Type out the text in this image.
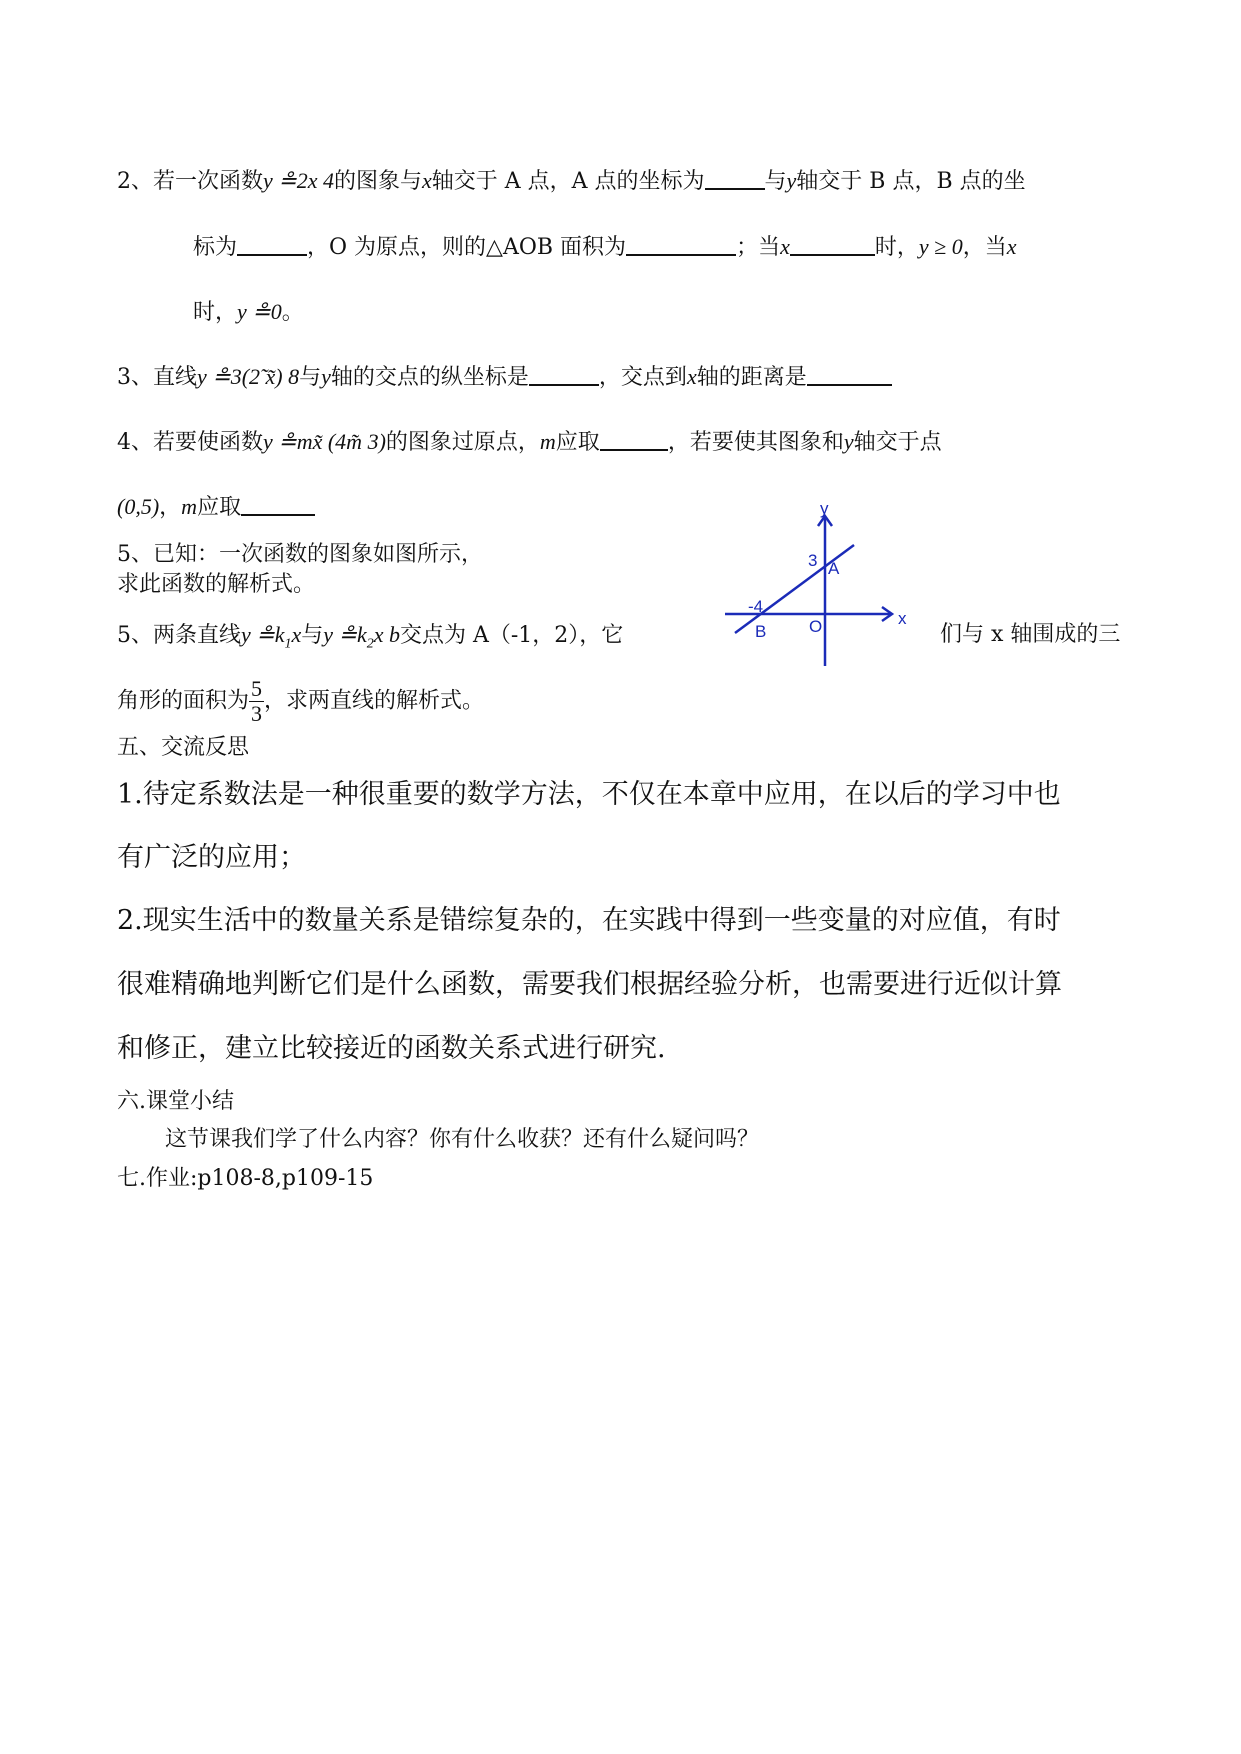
2、若一次函数y ≗2x 4的图象与x轴交于 A 点，A 点的坐标为	与y轴交于 B 点，B 点的坐
标为	，O 为原点，则的△AOB 面积为	；当x	时，y ≥ 0，当x
时，y ≗0。
3、直线y ≗3(2̃ x̃) 8与y轴的交点的纵坐标是	，交点到x轴的距离是
4、若要使函数y ≗mx̃ (4m̃ 3)的图象过原点，m应取	，若要使其图象和y轴交于点
(0,5)，m应取
5、已知：一次函数的图象如图所示，
求此函数的解析式。
y
x
3 A
-4
B	O
5、两条直线y $≗k_1x$与y $≗k_2x$ b交点为 A（-1，2），它	们与 x 轴围成的三
角形的面积为 $\frac{5}{3}$ ，求两直线的解析式。
五、交流反思
1.待定系数法是一种很重要的数学方法，不仅在本章中应用，在以后的学习中也
有广泛的应用；
2.现实生活中的数量关系是错综复杂的，在实践中得到一些变量的对应值，有时
很难精确地判断它们是什么函数，需要我们根据经验分析，也需要进行近似计算
和修正，建立比较接近的函数关系式进行研究.
六.课堂小结
这节课我们学了什么内容？你有什么收获？还有什么疑问吗？
七.作业:p108-8,p109-15
